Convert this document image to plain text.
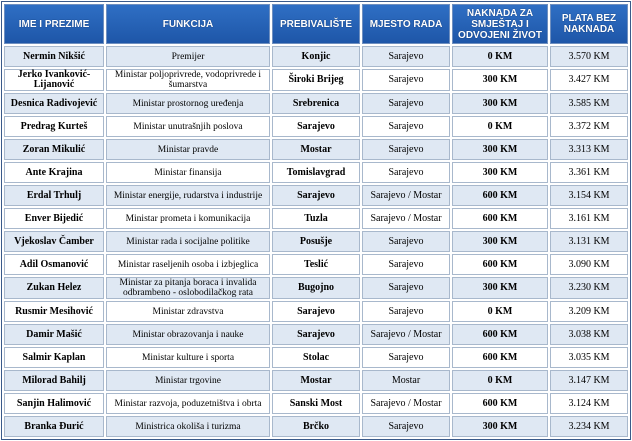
IME I PREZIME	FUNKCIJA	PREBIVALIŠTE	MJESTO RADA	NAKNADA ZA SMJEŠTAJ I ODVOJENI ŽIVOT	PLATA BEZ NAKNADA
Nermin Nikšić	Premijer	Konjic	Sarajevo	0 KM	3.570 KM
Jerko Ivanković-Lijanović	Ministar poljoprivrede, vodoprivrede i šumarstva	Široki Brijeg	Sarajevo	300 KM	3.427 KM
Desnica Radivojević	Ministar prostornog uređenja	Srebrenica	Sarajevo	300 KM	3.585 KM
Predrag Kurteš	Ministar unutrašnjih poslova	Sarajevo	Sarajevo	0 KM	3.372 KM
Zoran Mikulić	Ministar pravde	Mostar	Sarajevo	300 KM	3.313 KM
Ante Krajina	Ministar finansija	Tomislavgrad	Sarajevo	300 KM	3.361 KM
Erdal Trhulj	Ministar energije, rudarstva i industrije	Sarajevo	Sarajevo / Mostar	600 KM	3.154 KM
Enver Bijedić	Ministar prometa i komunikacija	Tuzla	Sarajevo / Mostar	600 KM	3.161 KM
Vjekoslav Čamber	Ministar rada i socijalne politike	Posušje	Sarajevo	300 KM	3.131 KM
Adil Osmanović	Ministar raseljenih osoba i izbjeglica	Teslić	Sarajevo	600 KM	3.090 KM
Zukan Helez	Ministar za pitanja boraca i invalida odbrambeno - oslobodilačkog rata	Bugojno	Sarajevo	300 KM	3.230 KM
Rusmir Mesihović	Ministar zdravstva	Sarajevo	Sarajevo	0 KM	3.209 KM
Damir Mašić	Ministar obrazovanja i nauke	Sarajevo	Sarajevo / Mostar	600 KM	3.038 KM
Salmir Kaplan	Ministar kulture i sporta	Stolac	Sarajevo	600 KM	3.035 KM
Milorad Bahilj	Ministar trgovine	Mostar	Mostar	0 KM	3.147 KM
Sanjin Halimović	Ministar razvoja, poduzetništva i obrta	Sanski Most	Sarajevo / Mostar	600 KM	3.124 KM
Branka Đurić	Ministrica okoliša i turizma	Brčko	Sarajevo	300 KM	3.234 KM
